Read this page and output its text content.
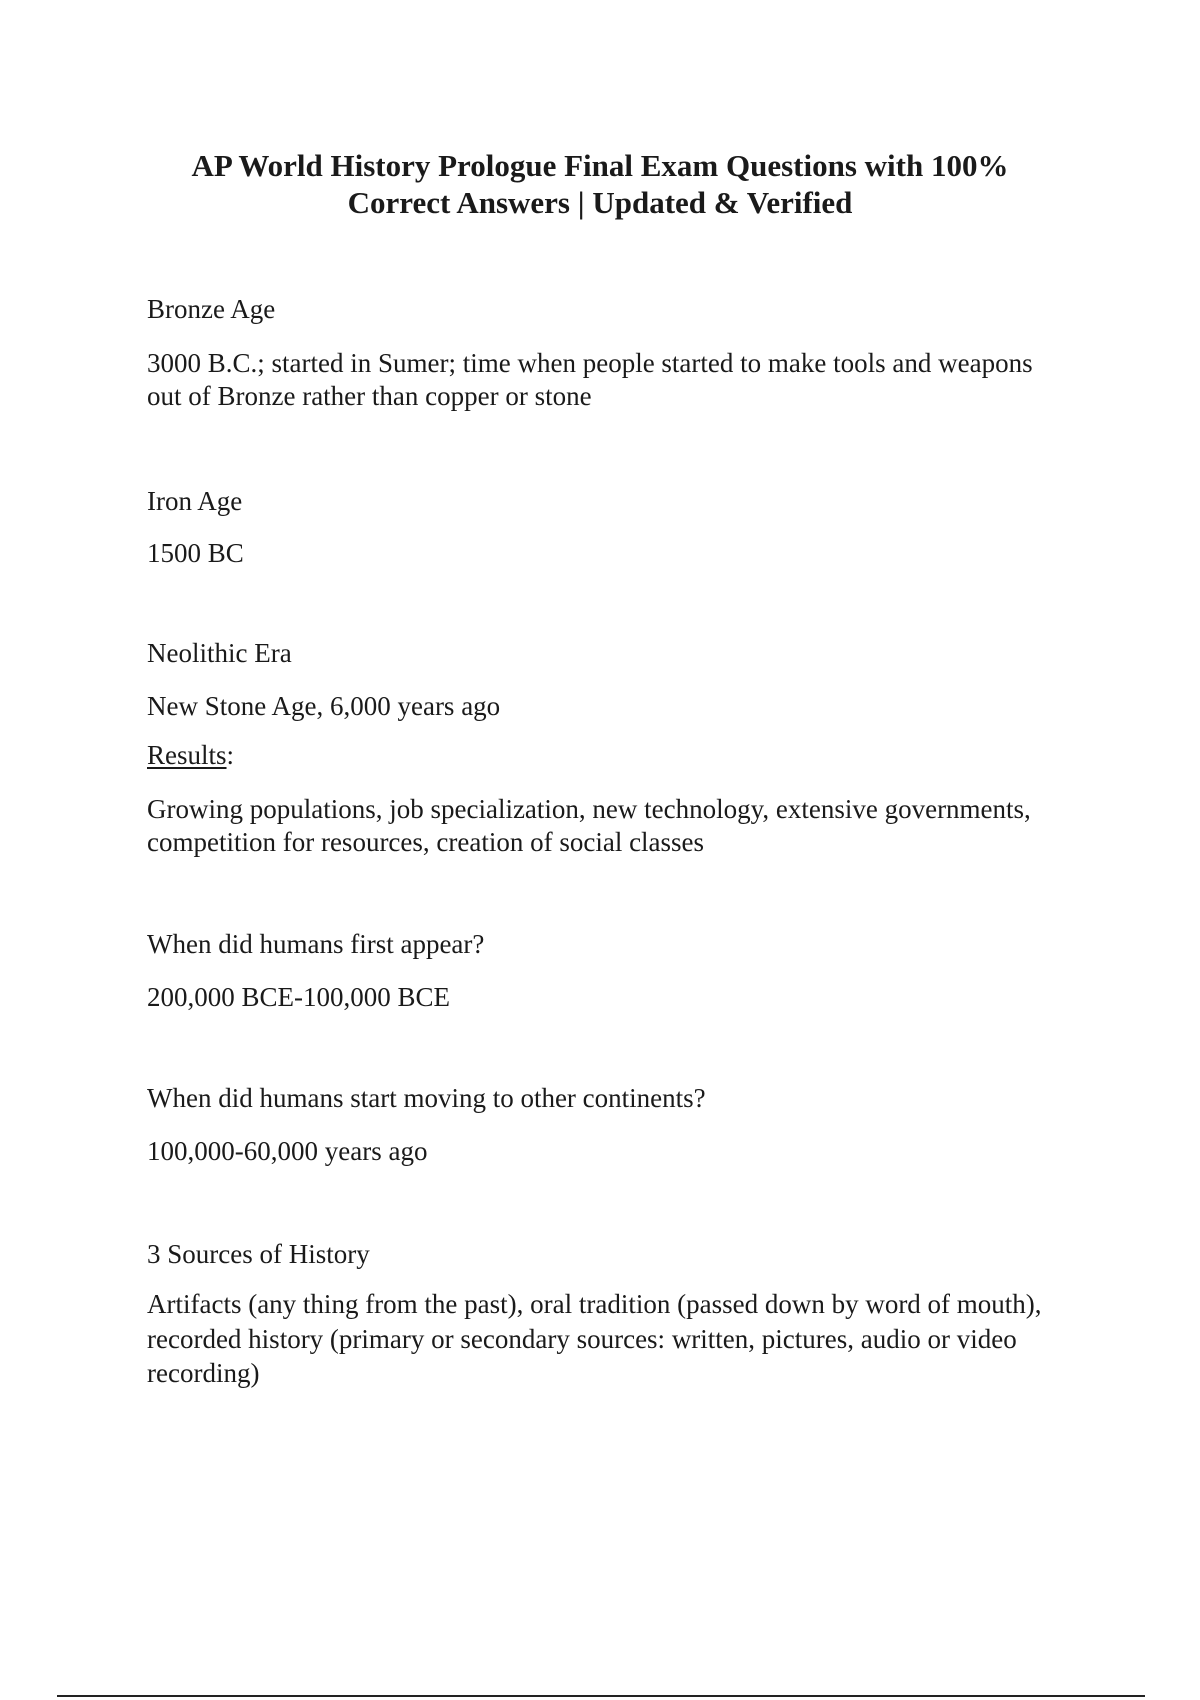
AP World History Prologue Final Exam Questions with 100%
Correct Answers | Updated & Verified
Bronze Age
3000 B.C.; started in Sumer; time when people started to make tools and weapons
out of Bronze rather than copper or stone
Iron Age
1500 BC
Neolithic Era
New Stone Age, 6,000 years ago
Results:
Growing populations, job specialization, new technology, extensive governments,
competition for resources, creation of social classes
When did humans first appear?
200,000 BCE-100,000 BCE
When did humans start moving to other continents?
100,000-60,000 years ago
3 Sources of History
Artifacts (any thing from the past), oral tradition (passed down by word of mouth),
recorded history (primary or secondary sources: written, pictures, audio or video
recording)
